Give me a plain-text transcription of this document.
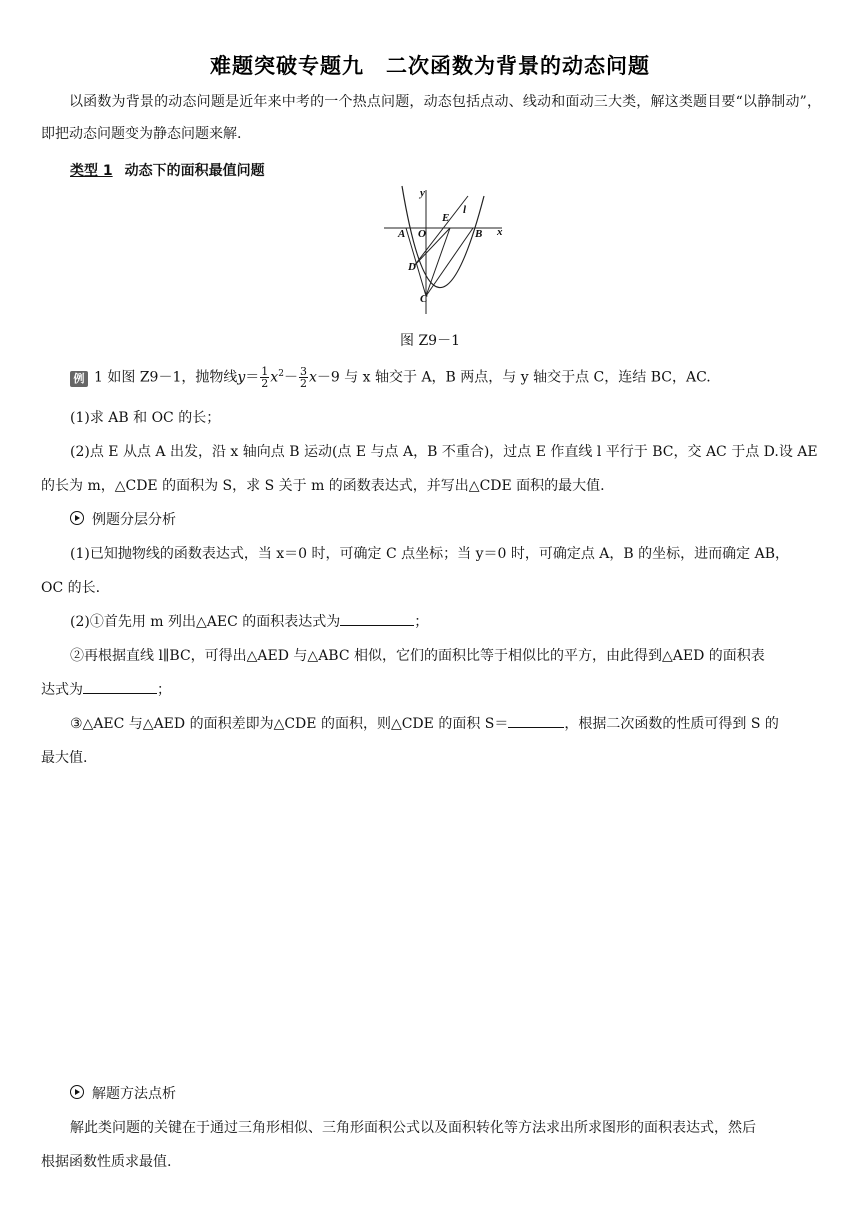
难题突破专题九 二次函数为背景的动态问题
以函数为背景的动态问题是近年来中考的一个热点问题，动态包括点动、线动和面动三大类，解这类题目要“以静制动”，即把动态问题变为静态问题来解.
类型 1 动态下的面积最值问题
y
x
A O	B
E
l
D
C
图 Z9－1
例 1 如图 Z9－1，抛物线$y= \frac{1}{2} x^2- \frac{3}{2} x-9$ 与 x 轴交于 A，B 两点，与 y 轴交于点 C，连结 BC，AC.
(1)求 AB 和 OC 的长；
(2)点 E 从点 A 出发，沿 x 轴向点 B 运动(点 E 与点 A，B 不重合)，过点 E 作直线 l 平行于 BC，交 AC 于点 D.设 AE
的长为 m，△CDE 的面积为 S，求 S 关于 m 的函数表达式，并写出△CDE 面积的最大值.
例题分层分析
(1)已知抛物线的函数表达式，当 x＝0 时，可确定 C 点坐标；当 y＝0 时，可确定点 A，B 的坐标，进而确定 AB，
OC 的长.
(2)①首先用 m 列出△AEC 的面积表达式为	；
②再根据直线 l∥BC，可得出△AED 与△ABC 相似，它们的面积比等于相似比的平方，由此得到△AED 的面积表
达式为	；
③△AEC 与△AED 的面积差即为△CDE 的面积，则△CDE 的面积 S＝	，根据二次函数的性质可得到 S 的
最大值.
解题方法点析
解此类问题的关键在于通过三角形相似、三角形面积公式以及面积转化等方法求出所求图形的面积表达式，然后
根据函数性质求最值.
